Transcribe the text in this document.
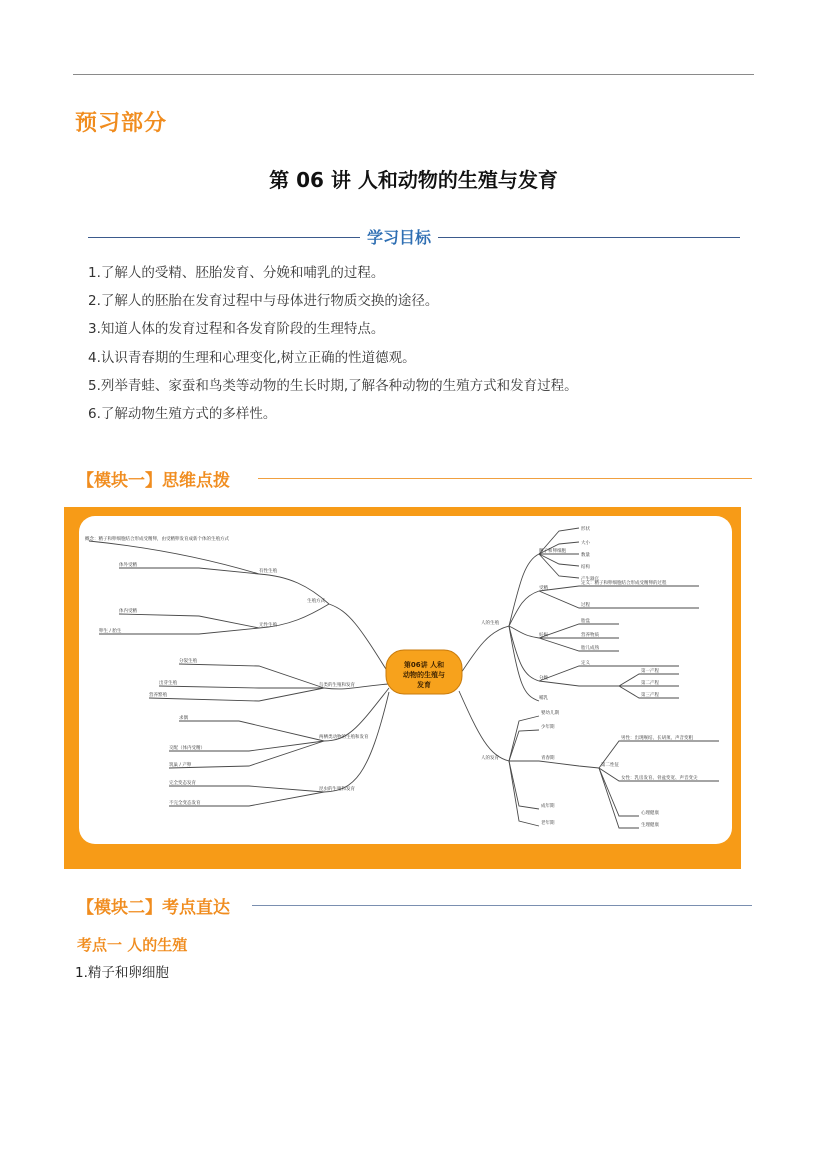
预习部分
第 06 讲 人和动物的生殖与发育
学习目标
1.了解人的受精、胚胎发育、分娩和哺乳的过程。
2.了解人的胚胎在发育过程中与母体进行物质交换的途径。
3.知道人体的发育过程和各发育阶段的生理特点。
4.认识青春期的生理和心理变化,树立正确的性道德观。
5.列举青蛙、家蚕和鸟类等动物的生长时期,了解各种动物的生殖方式和发育过程。
6.了解动物生殖方式的多样性。
【模块一】思维点拨
第06讲 人和
动物的生殖与
发育
概念：精子和卵细胞结合形成受精卵，由受精卵发育成新个体的生殖方式
体外受精
体内受精
卵生 / 胎生
分裂生殖
出芽生殖
营养繁殖
有性生殖
无性生殖
生殖方式
鸟类的生殖和发育
求偶
交配（体内受精）
筑巢 / 产卵
两栖类动物的生殖和发育
完全变态发育
不完全变态发育
昆虫的生殖和发育
人的生殖
精子和卵细胞
形状
大小
数量
结构
产生器官
受精
定义：精子和卵细胞结合形成受精卵的过程
过程
妊娠
胎盘
营养物质
胎儿成熟
分娩
定义
第一产程
第二产程
第三产程
哺乳
人的发育
婴幼儿期
少年期
青春期
第二性征
男性：出现喉结、长胡须、声音变粗
女性：乳房发育、骨盆变宽、声音变尖
心理健康
生理健康
成年期
老年期
【模块二】考点直达
考点一 人的生殖
1.精子和卵细胞
